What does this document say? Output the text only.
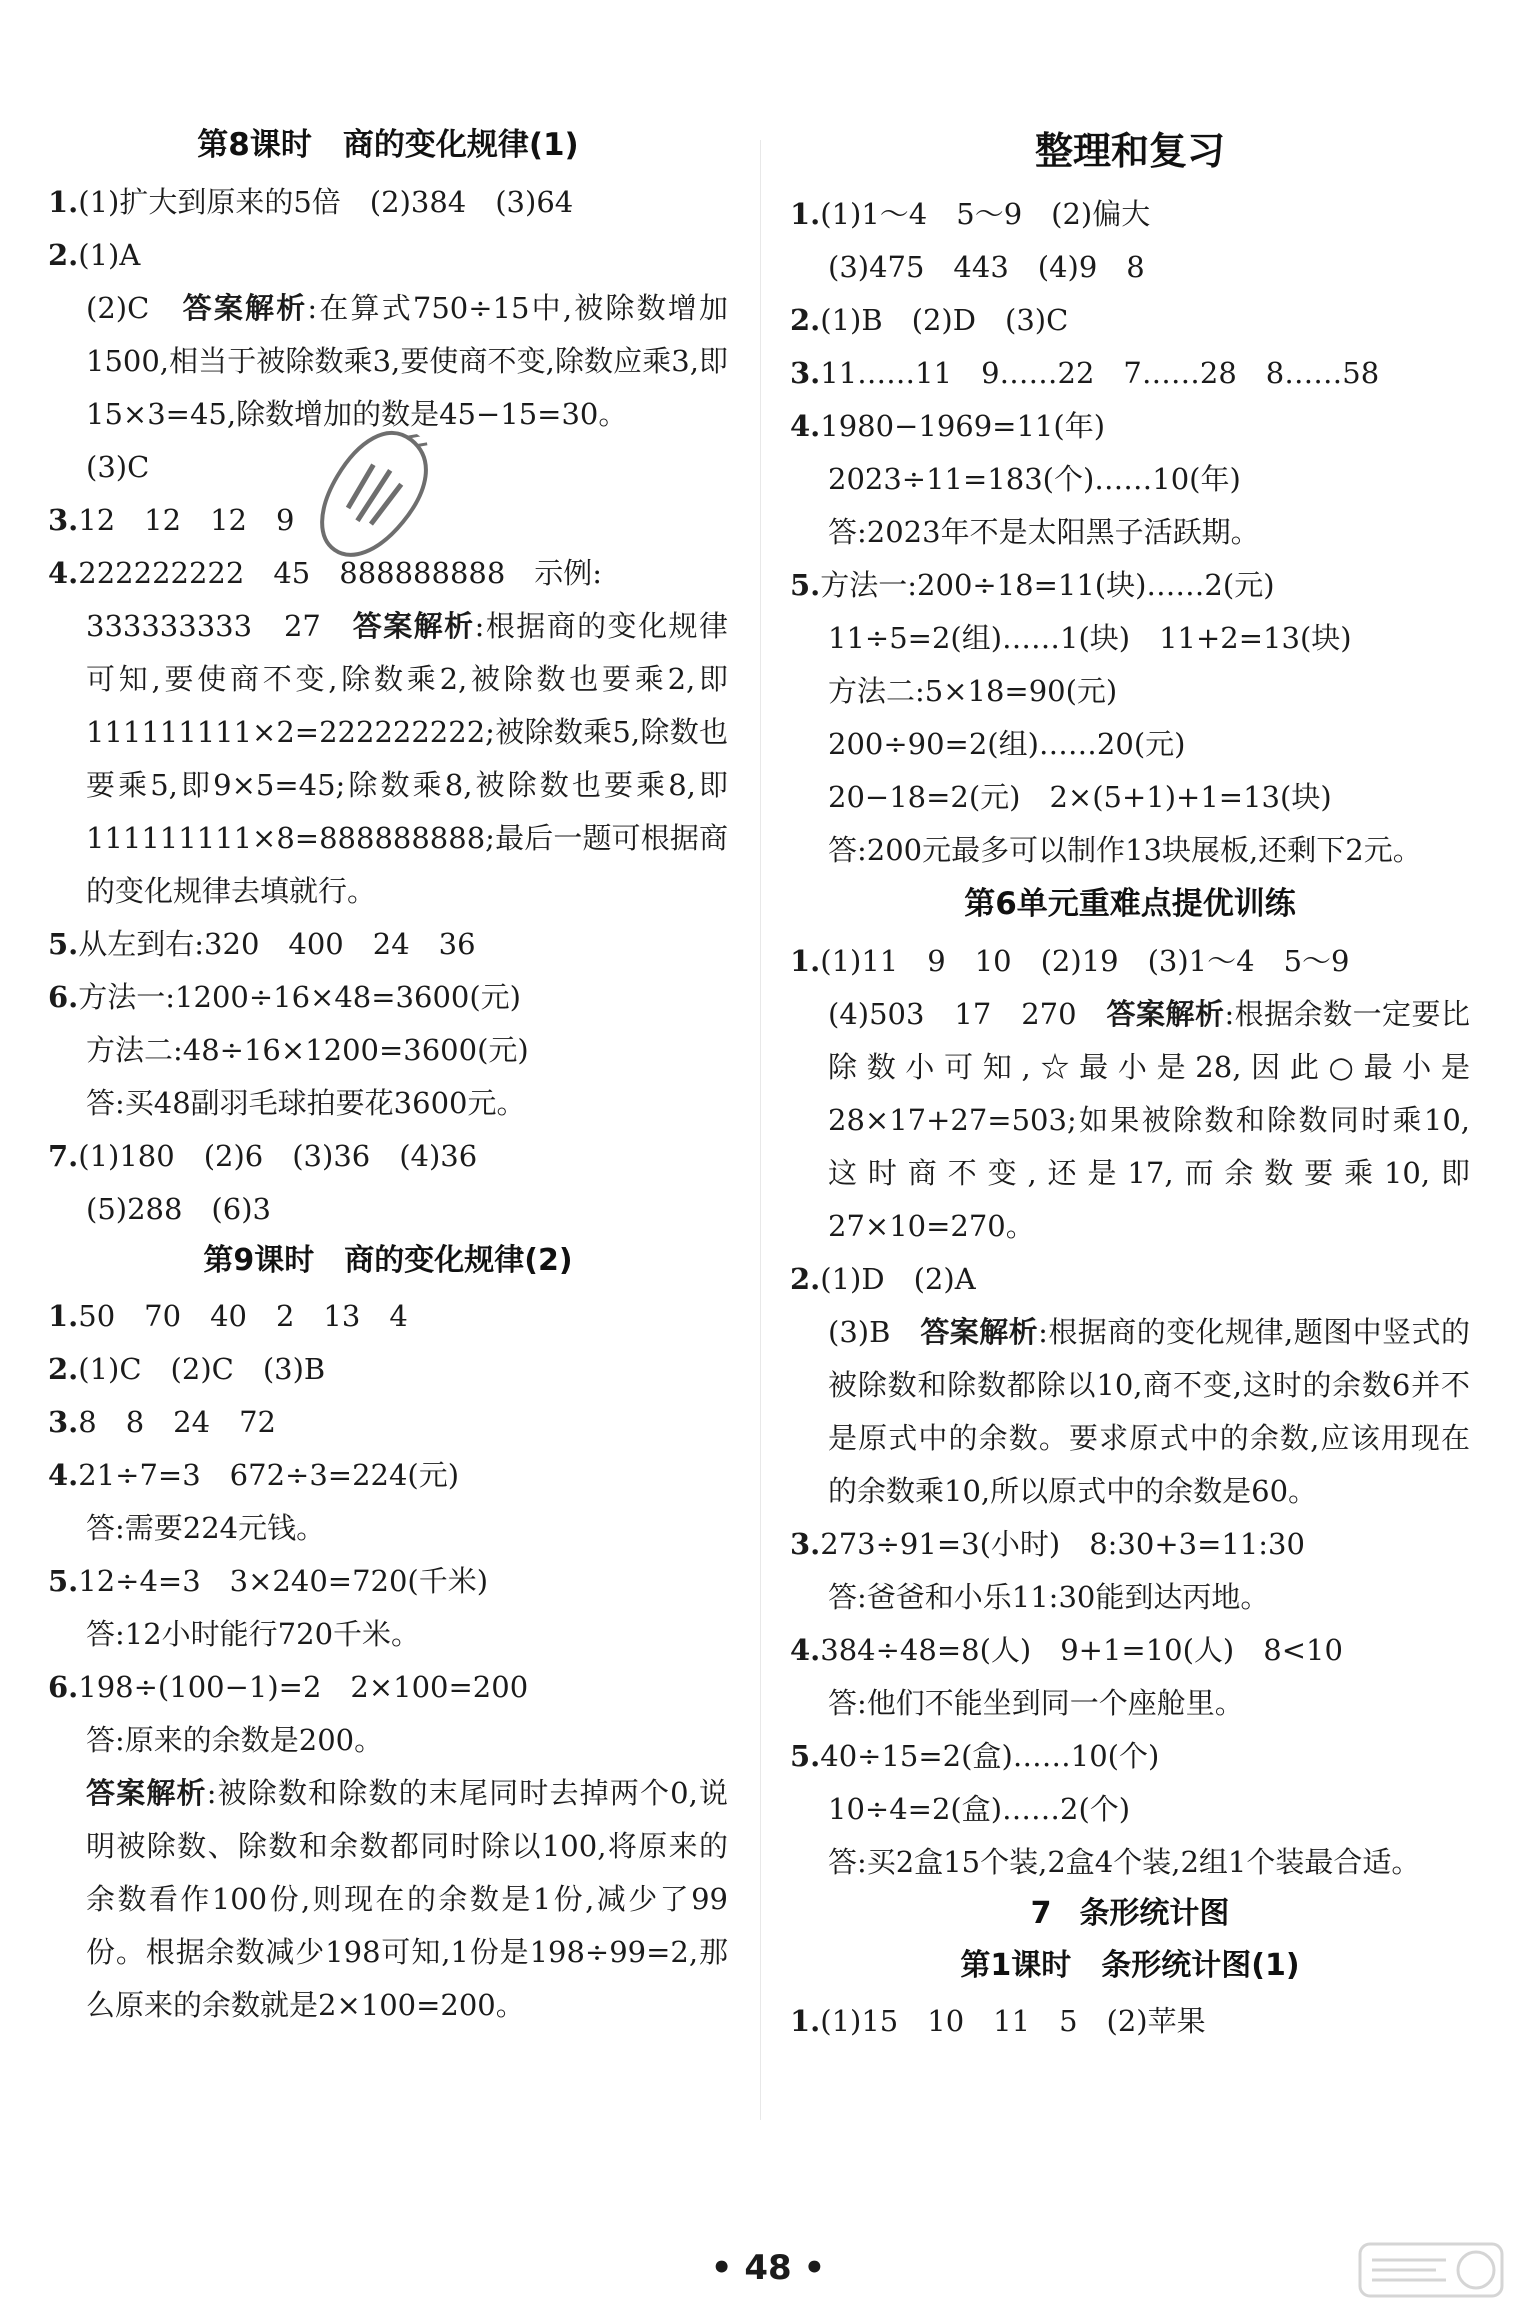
第8课时　商的变化规律(1)
1.(1)扩大到原来的5倍　(2)384　(3)64
2.(1)A
(2)C　答案解析:在算式750÷15中,被除数增加1500,相当于被除数乘3,要使商不变,除数应乘3,即15×3=45,除数增加的数是45−15=30。
(3)C
3.12　12　12　9
4.222222222　45　888888888　示例:
333333333　27　答案解析:根据商的变化规律可知,要使商不变,除数乘2,被除数也要乘2,即111111111×2=222222222;被除数乘5,除数也要乘5,即9×5=45;除数乘8,被除数也要乘8,即111111111×8=888888888;最后一题可根据商的变化规律去填就行。
5.从左到右:320　400　24　36
6.方法一:1200÷16×48=3600(元)
方法二:48÷16×1200=3600(元)
答:买48副羽毛球拍要花3600元。
7.(1)180　(2)6　(3)36　(4)36
(5)288　(6)3
第9课时　商的变化规律(2)
1.50　70　40　2　13　4
2.(1)C　(2)C　(3)B
3.8　8　24　72
4.21÷7=3　672÷3=224(元)
答:需要224元钱。
5.12÷4=3　3×240=720(千米)
答:12小时能行720千米。
6.198÷(100−1)=2　2×100=200
答:原来的余数是200。
答案解析:被除数和除数的末尾同时去掉两个0,说明被除数、除数和余数都同时除以100,将原来的余数看作100份,则现在的余数是1份,减少了99份。根据余数减少198可知,1份是198÷99=2,那么原来的余数就是2×100=200。
整理和复习
1.(1)1～4　5～9　(2)偏大
(3)475　443　(4)9　8
2.(1)B　(2)D　(3)C
3.11……11　9……22　7……28　8……58
4.1980−1969=11(年)
2023÷11=183(个)……10(年)
答:2023年不是太阳黑子活跃期。
5.方法一:200÷18=11(块)……2(元)
11÷5=2(组)……1(块)　11+2=13(块)
方法二:5×18=90(元)
200÷90=2(组)……20(元)
20−18=2(元)　2×(5+1)+1=13(块)
答:200元最多可以制作13块展板,还剩下2元。
第6单元重难点提优训练
1.(1)11　9　10　(2)19　(3)1～4　5～9
(4)503　17　270　答案解析:根据余数一定要比除数小可知,☆最小是28,因此○最小是28×17+27=503;如果被除数和除数同时乘10,这时商不变,还是17,而余数要乘10,即27×10=270。
2.(1)D　(2)A
(3)B　答案解析:根据商的变化规律,题图中竖式的被除数和除数都除以10,商不变,这时的余数6并不是原式中的余数。要求原式中的余数,应该用现在的余数乘10,所以原式中的余数是60。
3.273÷91=3(小时)　8:30+3=11:30
答:爸爸和小乐11:30能到达丙地。
4.384÷48=8(人)　9+1=10(人)　8<10
答:他们不能坐到同一个座舱里。
5.40÷15=2(盒)……10(个)
10÷4=2(盒)……2(个)
答:买2盒15个装,2盒4个装,2组1个装最合适。
7 条形统计图
第1课时　条形统计图(1)
1.(1)15　10　11　5　(2)苹果
• 48 •
